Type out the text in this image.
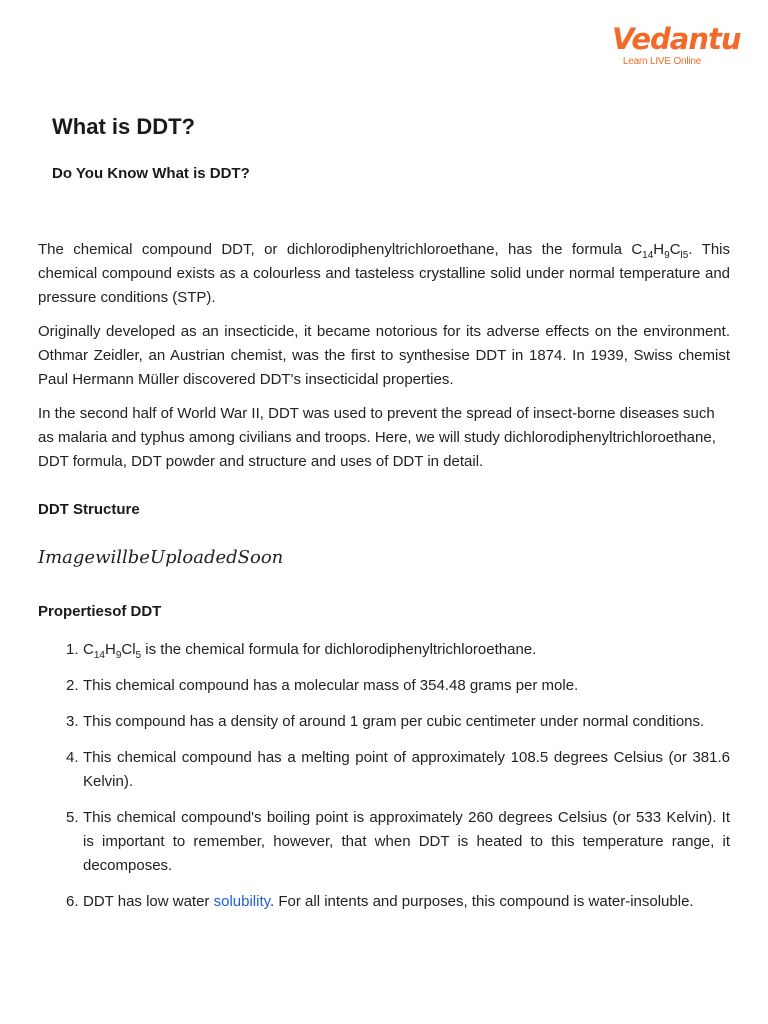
Vedantu
Learn LIVE Online
What is DDT?
Do You Know What is DDT?

The chemical compound DDT, or dichlorodiphenyltrichloroethane, has the formula $C_{14}H_9C_{l5}$. This chemical compound exists as a colourless and tasteless crystalline solid under normal temperature and pressure conditions (STP).

Originally developed as an insecticide, it became notorious for its adverse effects on the environment. Othmar Zeidler, an Austrian chemist, was the first to synthesise DDT in 1874. In 1939, Swiss chemist Paul Hermann Müller discovered DDT's insecticidal properties.

In the second half of World War II, DDT was used to prevent the spread of insect-borne diseases such as malaria and typhus among civilians and troops. Here, we will study dichlorodiphenyltrichloroethane, DDT formula, DDT powder and structure and uses of DDT in detail.

DDT Structure
ImagewillbeUploadedSoon
Propertiesof DDT
1. $C_{14}H_9Cl_5$ is the chemical formula for dichlorodiphenyltrichloroethane.
2. This chemical compound has a molecular mass of 354.48 grams per mole.
3. This compound has a density of around 1 gram per cubic centimeter under normal conditions.
4. This chemical compound has a melting point of approximately 108.5 degrees Celsius (or 381.6 Kelvin).
5. This chemical compound's boiling point is approximately 260 degrees Celsius (or 533 Kelvin). It is important to remember, however, that when DDT is heated to this temperature range, it decomposes.
6. DDT has low water solubility. For all intents and purposes, this compound is water-insoluble.
